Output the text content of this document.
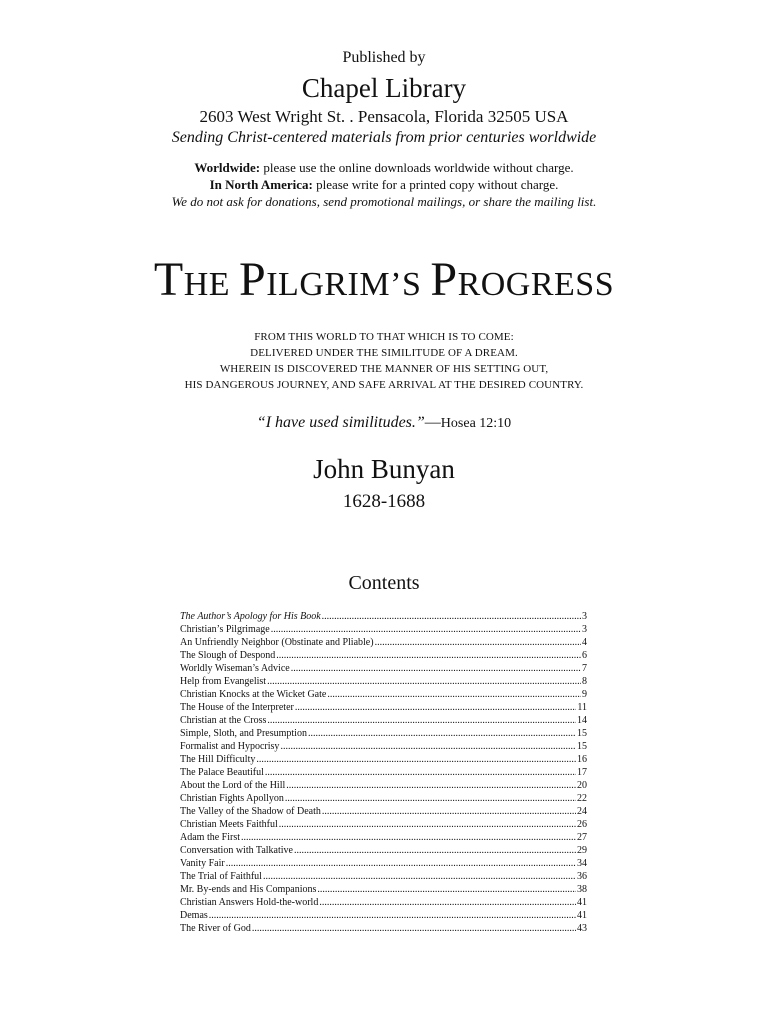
Published by
Chapel Library
2603 West Wright St. . Pensacola, Florida 32505 USA
Sending Christ-centered materials from prior centuries worldwide
Worldwide: please use the online downloads worldwide without charge.
In North America: please write for a printed copy without charge.
We do not ask for donations, send promotional mailings, or share the mailing list.
THE PILGRIM’S PROGRESS
FROM THIS WORLD TO THAT WHICH IS TO COME:
DELIVERED UNDER THE SIMILITUDE OF A DREAM.
WHEREIN IS DISCOVERED THE MANNER OF HIS SETTING OUT,
HIS DANGEROUS JOURNEY, AND SAFE ARRIVAL AT THE DESIRED COUNTRY.
“I have used similitudes.”—Hosea 12:10
John Bunyan
1628-1688
Contents
The Author’s Apology for His Book .....	3
Christian’s Pilgrimage .....	3
An Unfriendly Neighbor (Obstinate and Pliable) .....	4
The Slough of Despond .....	6
Worldly Wiseman’s Advice .....	7
Help from Evangelist .....	8
Christian Knocks at the Wicket Gate .....	9
The House of the Interpreter .....	11
Christian at the Cross .....	14
Simple, Sloth, and Presumption .....	15
Formalist and Hypocrisy .....	15
The Hill Difficulty .....	16
The Palace Beautiful .....	17
About the Lord of the Hill .....	20
Christian Fights Apollyon .....	22
The Valley of the Shadow of Death .....	24
Christian Meets Faithful .....	26
Adam the First .....	27
Conversation with Talkative .....	29
Vanity Fair .....	34
The Trial of Faithful .....	36
Mr. By-ends and His Companions .....	38
Christian Answers Hold-the-world .....	41
Demas .....	41
The River of God .....	43
